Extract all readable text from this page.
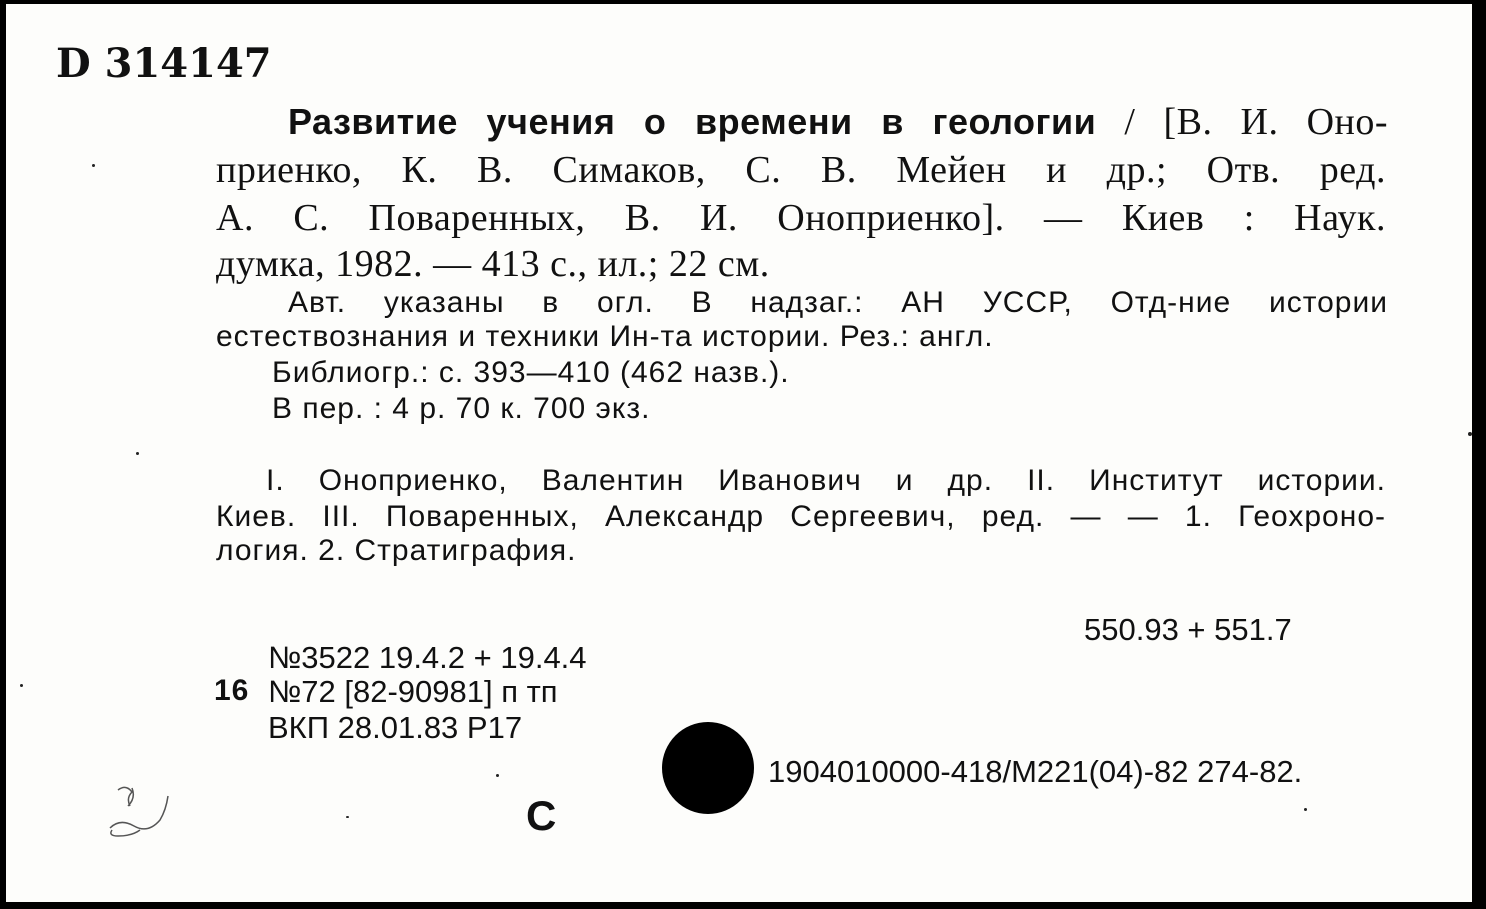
D 314147
Развитие учения о времени в геологии / [В. И. Оно-
приенко, К. В. Симаков, С. В. Мейен и др.; Отв. ред.
А. С. Поваренных, В. И. Оноприенко]. — Киев : Наук.
думка, 1982. — 413 с., ил.; 22 см.
Авт. указаны в огл. В надзаг.: АН УССР, Отд-ние истории
естествознания и техники Ин-та истории. Рез.: англ.
Библиогр.: с. 393—410 (462 назв.).
В пер. : 4 р. 70 к. 700 экз.
I. Оноприенко, Валентин Иванович и др. II. Институт истории.
Киев. III. Поваренных, Александр Сергеевич, ред. — — 1. Геохроно-
логия. 2. Стратиграфия.
550.93 + 551.7
№3522 19.4.2 + 19.4.4
16 №72 [82-90981] п тп
ВКП 28.01.83 Р17
1904010000-418/М221(04)-82 274-82.
С
